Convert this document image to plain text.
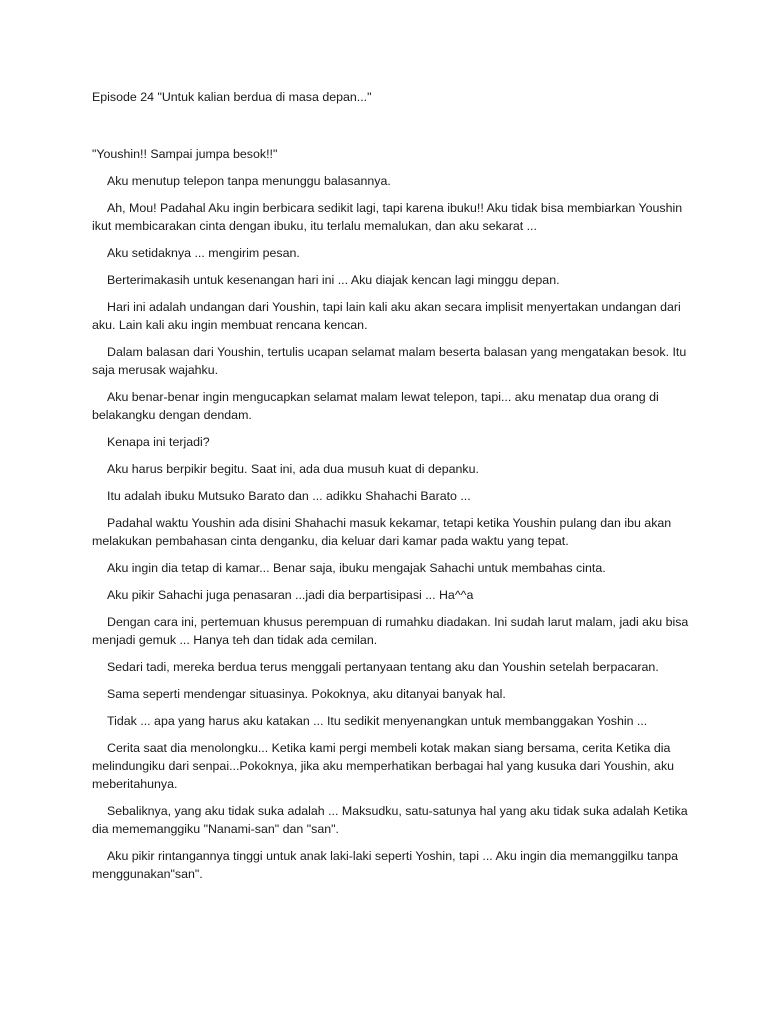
Episode 24 "Untuk kalian berdua di masa depan..."

"Youshin!! Sampai jumpa besok!!"

Aku menutup telepon tanpa menunggu balasannya.

Ah, Mou! Padahal Aku ingin berbicara sedikit lagi, tapi karena ibuku!! Aku tidak bisa membiarkan Youshin ikut membicarakan cinta dengan ibuku, itu terlalu memalukan, dan aku sekarat ...

Aku setidaknya ... mengirim pesan.

Berterimakasih untuk kesenangan hari ini ... Aku diajak kencan lagi minggu depan.

Hari ini adalah undangan dari Youshin, tapi lain kali aku akan secara implisit menyertakan undangan dari aku. Lain kali aku ingin membuat rencana kencan.

Dalam balasan dari Youshin, tertulis ucapan selamat malam beserta balasan yang mengatakan besok. Itu saja merusak wajahku.

Aku benar-benar ingin mengucapkan selamat malam lewat telepon, tapi... aku menatap dua orang di belakangku dengan dendam.

Kenapa ini terjadi?

Aku harus berpikir begitu. Saat ini, ada dua musuh kuat di depanku.

Itu adalah ibuku Mutsuko Barato dan ... adikku Shahachi Barato ...

Padahal waktu Youshin ada disini Shahachi masuk kekamar, tetapi ketika Youshin pulang dan ibu akan melakukan pembahasan cinta denganku, dia keluar dari kamar pada waktu yang tepat.

Aku ingin dia tetap di kamar... Benar saja, ibuku mengajak Sahachi untuk membahas cinta.

Aku pikir Sahachi juga penasaran ...jadi dia berpartisipasi ... Ha^^a

Dengan cara ini, pertemuan khusus perempuan di rumahku diadakan. Ini sudah larut malam, jadi aku bisa menjadi gemuk ... Hanya teh dan tidak ada cemilan.

Sedari tadi, mereka berdua terus menggali pertanyaan tentang aku dan Youshin setelah berpacaran.

Sama seperti mendengar situasinya. Pokoknya, aku ditanyai banyak hal.

Tidak ... apa yang harus aku katakan ... Itu sedikit menyenangkan untuk membanggakan Yoshin ...

Cerita saat dia menolongku... Ketika kami pergi membeli kotak makan siang bersama, cerita Ketika dia melindungiku dari senpai...Pokoknya, jika aku memperhatikan berbagai hal yang kusuka dari Youshin, aku meberitahunya.

Sebaliknya, yang aku tidak suka adalah ... Maksudku, satu-satunya hal yang aku tidak suka adalah Ketika dia mememanggiku "Nanami-san" dan "san".

Aku pikir rintangannya tinggi untuk anak laki-laki seperti Yoshin, tapi ... Aku ingin dia memanggilku tanpa menggunakan"san".
